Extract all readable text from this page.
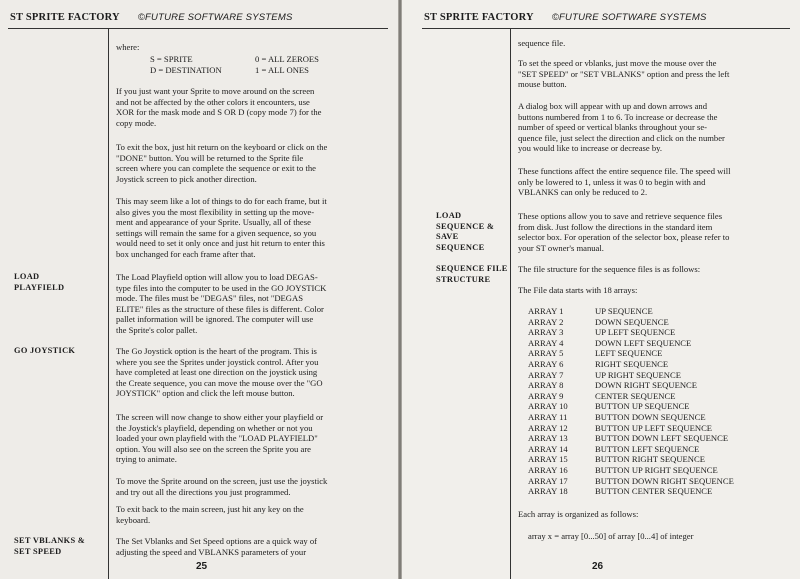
ST SPRITE FACTORY ©FUTURE SOFTWARE SYSTEMS
where:
S = SPRITE	0 = ALL ZEROES
D = DESTINATION	1 = ALL ONES
If you just want your Sprite to move around on the screen
and not be affected by the other colors it encounters, use
XOR for the mask mode and S OR D (copy mode 7) for the
copy mode.
To exit the box, just hit return on the keyboard or click on the
"DONE" button. You will be returned to the Sprite file
screen where you can complete the sequence or exit to the
Joystick screen to pick another direction.
This may seem like a lot of things to do for each frame, but it
also gives you the most flexibility in setting up the move-
ment and appearance of your Sprite. Usually, all of these
settings will remain the same for a given sequence, so you
would need to set it only once and just hit return to enter this
box unchanged for each frame after that.
LOAD
PLAYFIELD
The Load Playfield option will allow you to load DEGAS-
type files into the computer to be used in the GO JOYSTICK
mode. The files must be "DEGAS" files, not "DEGAS
ELITE" files as the structure of these files is different. Color
pallet information will be ignored. The computer will use
the Sprite's color pallet.
GO JOYSTICK	The Go Joystick option is the heart of the program. This is
where you see the Sprites under joystick control. After you
have completed at least one direction on the joystick using
the Create sequence, you can move the mouse over the "GO
JOYSTICK" option and click the left mouse button.
The screen will now change to show either your playfield or
the Joystick's playfield, depending on whether or not you
loaded your own playfield with the "LOAD PLAYFIELD"
option. You will also see on the screen the Sprite you are
trying to animate.
To move the Sprite around on the screen, just use the joystick
and try out all the directions you just programmed.
To exit back to the main screen, just hit any key on the
keyboard.
SET VBLANKS &
SET SPEED
The Set Vblanks and Set Speed options are a quick way of
adjusting the speed and VBLANKS parameters of your
25
ST SPRITE FACTORY ©FUTURE SOFTWARE SYSTEMS
sequence file.
To set the speed or vblanks, just move the mouse over the
"SET SPEED" or "SET VBLANKS" option and press the left
mouse button.
A dialog box will appear with up and down arrows and
buttons numbered from 1 to 6. To increase or decrease the
number of speed or vertical blanks throughout your se-
quence file, just select the direction and click on the number
you would like to increase or decrease by.
These functions affect the entire sequence file. The speed will
only be lowered to 1, unless it was 0 to begin with and
VBLANKS can only be reduced to 2.
LOAD
SEQUENCE &
SAVE
SEQUENCE
These options allow you to save and retrieve sequence files
from disk. Just follow the directions in the standard item
selector box. For operation of the selector box, please refer to
your ST owner's manual.
SEQUENCE FILE
STRUCTURE
The file structure for the sequence files is as follows:
The File data starts with 18 arrays:
ARRAY 1	UP SEQUENCE
ARRAY 2	DOWN SEQUENCE
ARRAY 3	UP LEFT SEQUENCE
ARRAY 4	DOWN LEFT SEQUENCE
ARRAY 5	LEFT SEQUENCE
ARRAY 6	RIGHT SEQUENCE
ARRAY 7	UP RIGHT SEQUENCE
ARRAY 8	DOWN RIGHT SEQUENCE
ARRAY 9	CENTER SEQUENCE
ARRAY 10	BUTTON UP SEQUENCE
ARRAY 11	BUTTON DOWN SEQUENCE
ARRAY 12	BUTTON UP LEFT SEQUENCE
ARRAY 13	BUTTON DOWN LEFT SEQUENCE
ARRAY 14	BUTTON LEFT SEQUENCE
ARRAY 15	BUTTON RIGHT SEQUENCE
ARRAY 16	BUTTON UP RIGHT SEQUENCE
ARRAY 17	BUTTON DOWN RIGHT SEQUENCE
ARRAY 18	BUTTON CENTER SEQUENCE
Each array is organized as follows:
array x = array [0...50] of array [0...4] of integer
26
